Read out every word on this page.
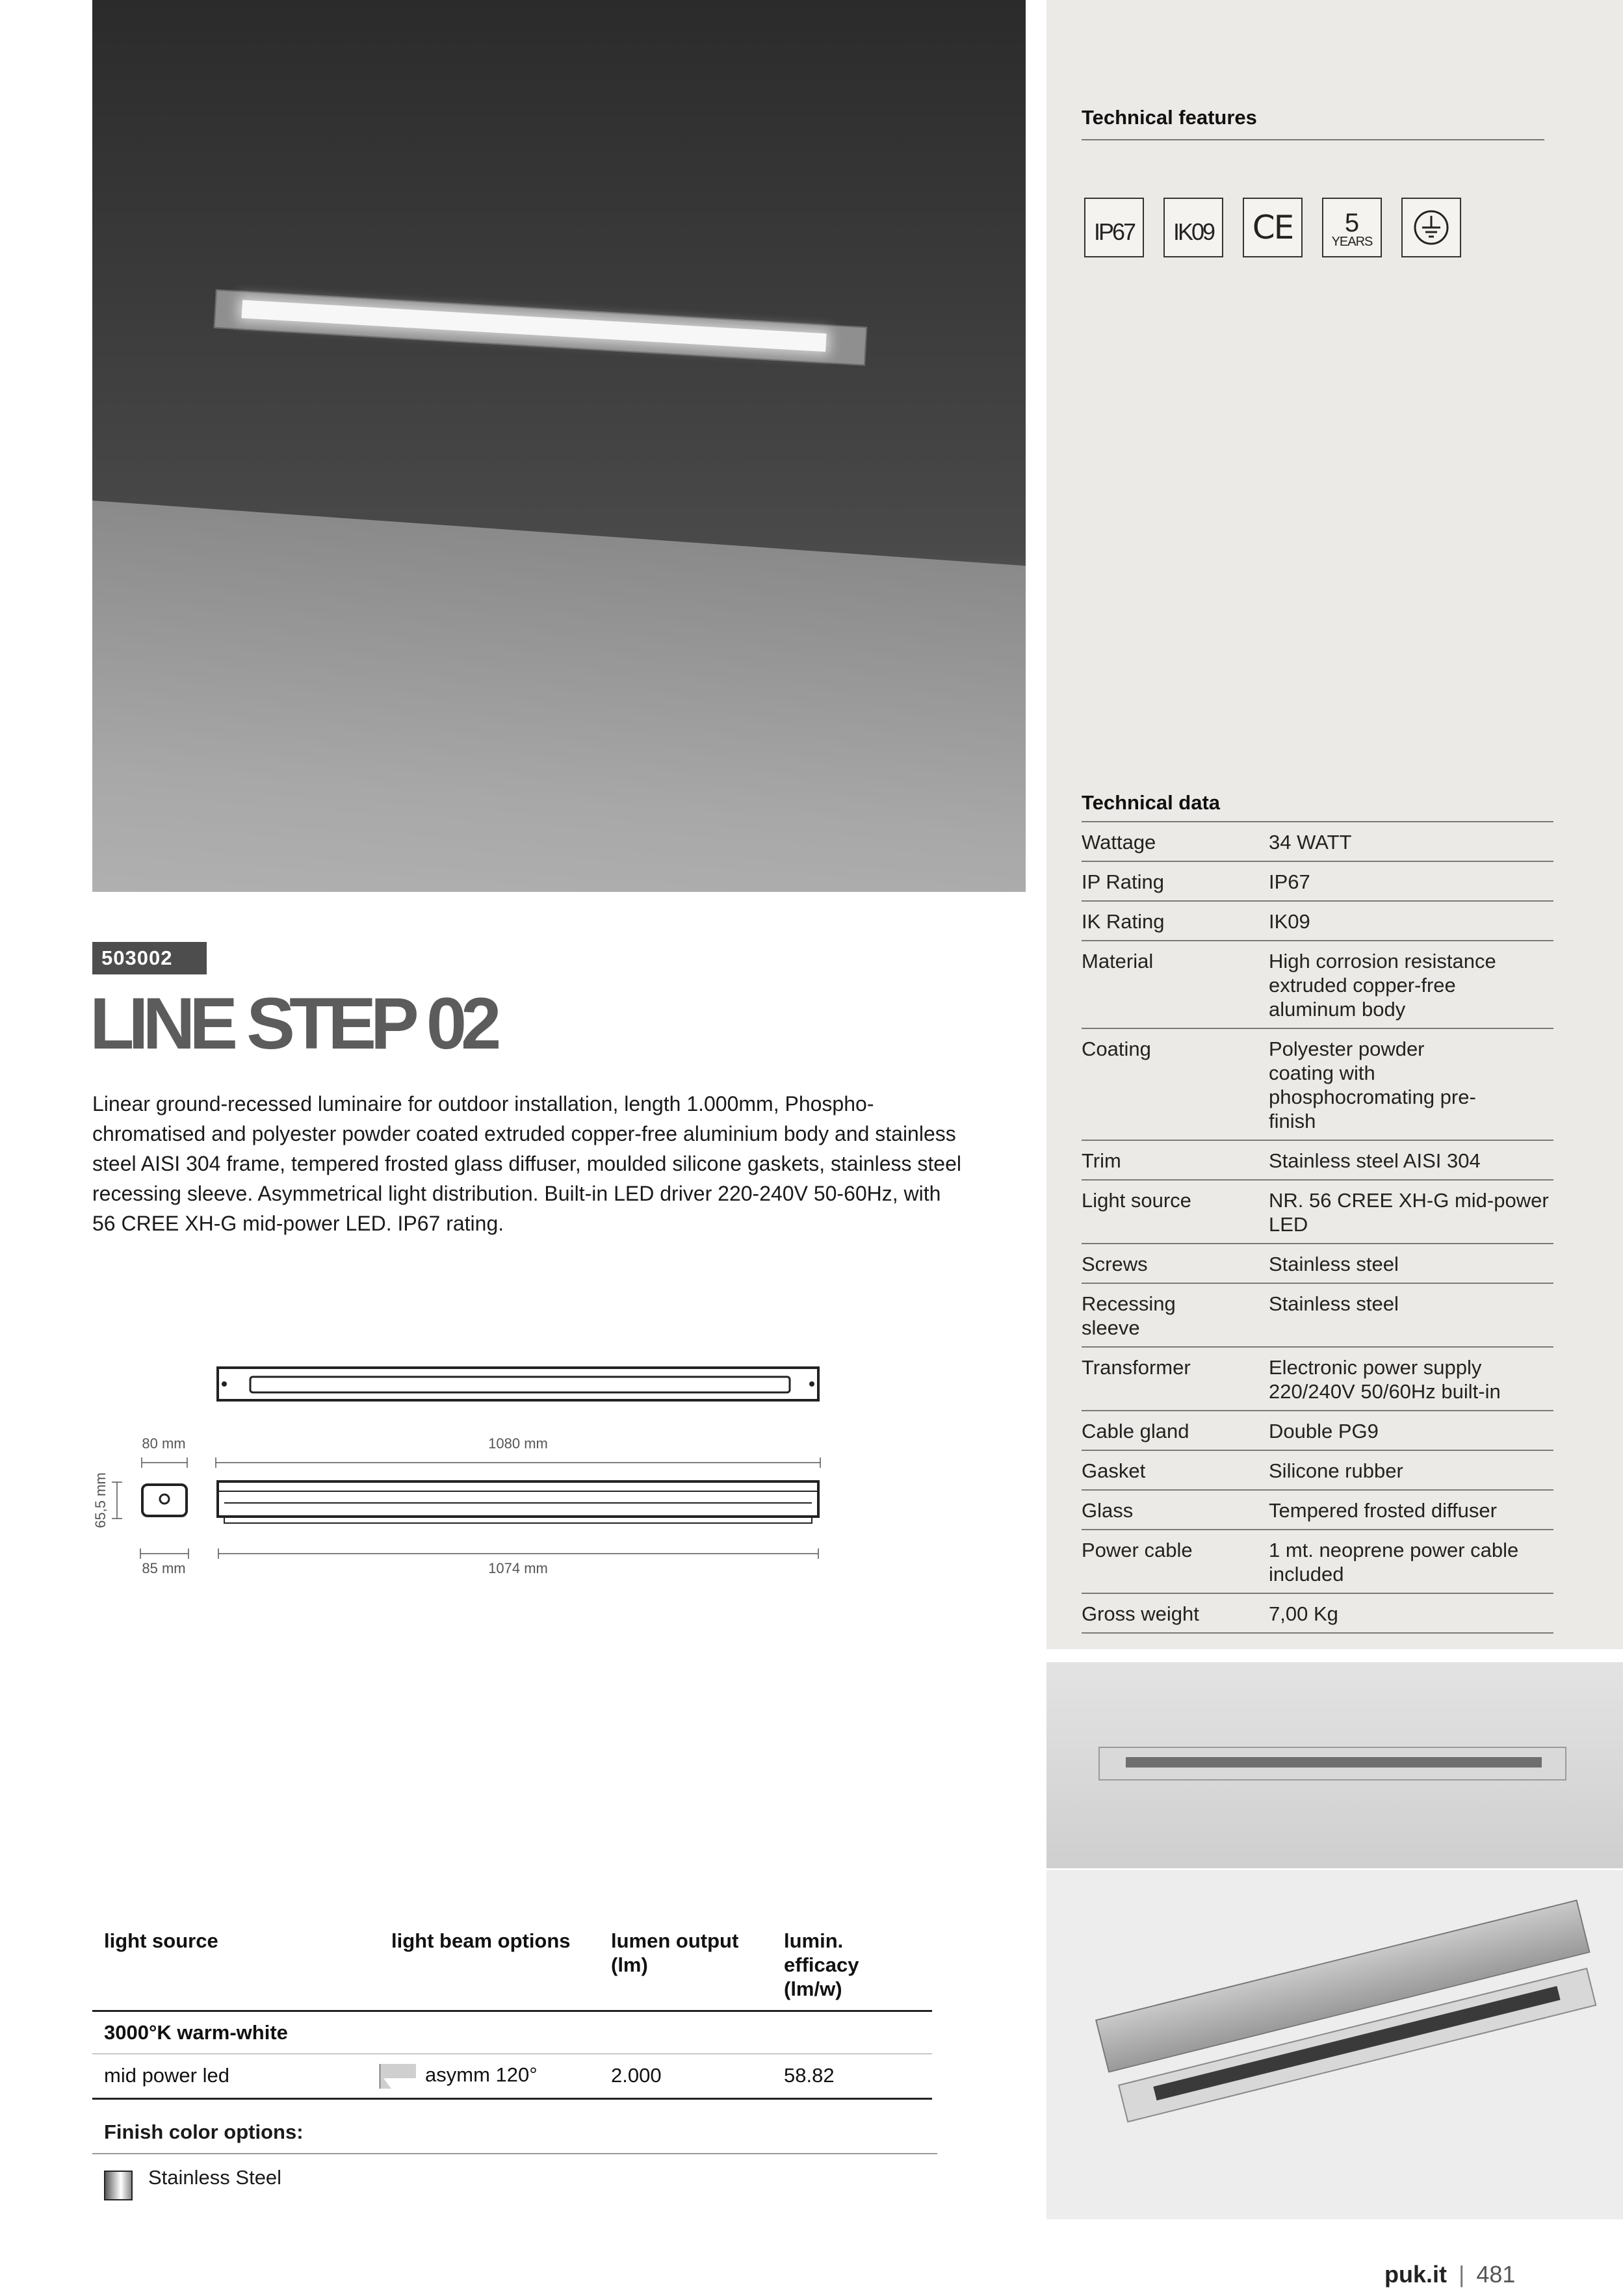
Technical features
IP67 IK09 CE 5
YEARS
Technical data
Wattage	34 WATT
IP Rating	IP67
IK Rating	IK09
Material	High corrosion resistance extruded copper-free aluminum body
Coating	Polyester powder coating with phosphocromating pre-finish
Trim	Stainless steel AISI 304
Light source	NR. 56 CREE XH-G mid-power LED
Screws	Stainless steel
Recessing sleeve	Stainless steel
Transformer	Electronic power supply 220/240V 50/60Hz built-in
Cable gland	Double PG9
Gasket	Silicone rubber
Glass	Tempered frosted diffuser
Power cable	1 mt. neoprene power cable included
Gross weight	7,00 Kg
503002
LINE STEP 02
Linear ground-recessed luminaire for outdoor installation, length 1.000mm, Phospho-chromatised and polyester powder coated extruded copper-free aluminium body and stainless steel AISI 304 frame, tempered frosted glass diffuser, moulded silicone gaskets, stainless steel recessing sleeve. Asymmetrical light distribution. Built-in LED driver 220-240V 50-60Hz, with 56 CREE XH-G mid-power LED. IP67 rating.
1080 mm
1074 mm
80 mm
65,5 mm
85 mm
light source	light beam options	lumen output (lm)	lumin. efficacy (lm/w)
3000°K warm-white			
mid power led	asymm 120°	2.000	58.82
Finish color options:
Stainless Steel
puk.it | 481
